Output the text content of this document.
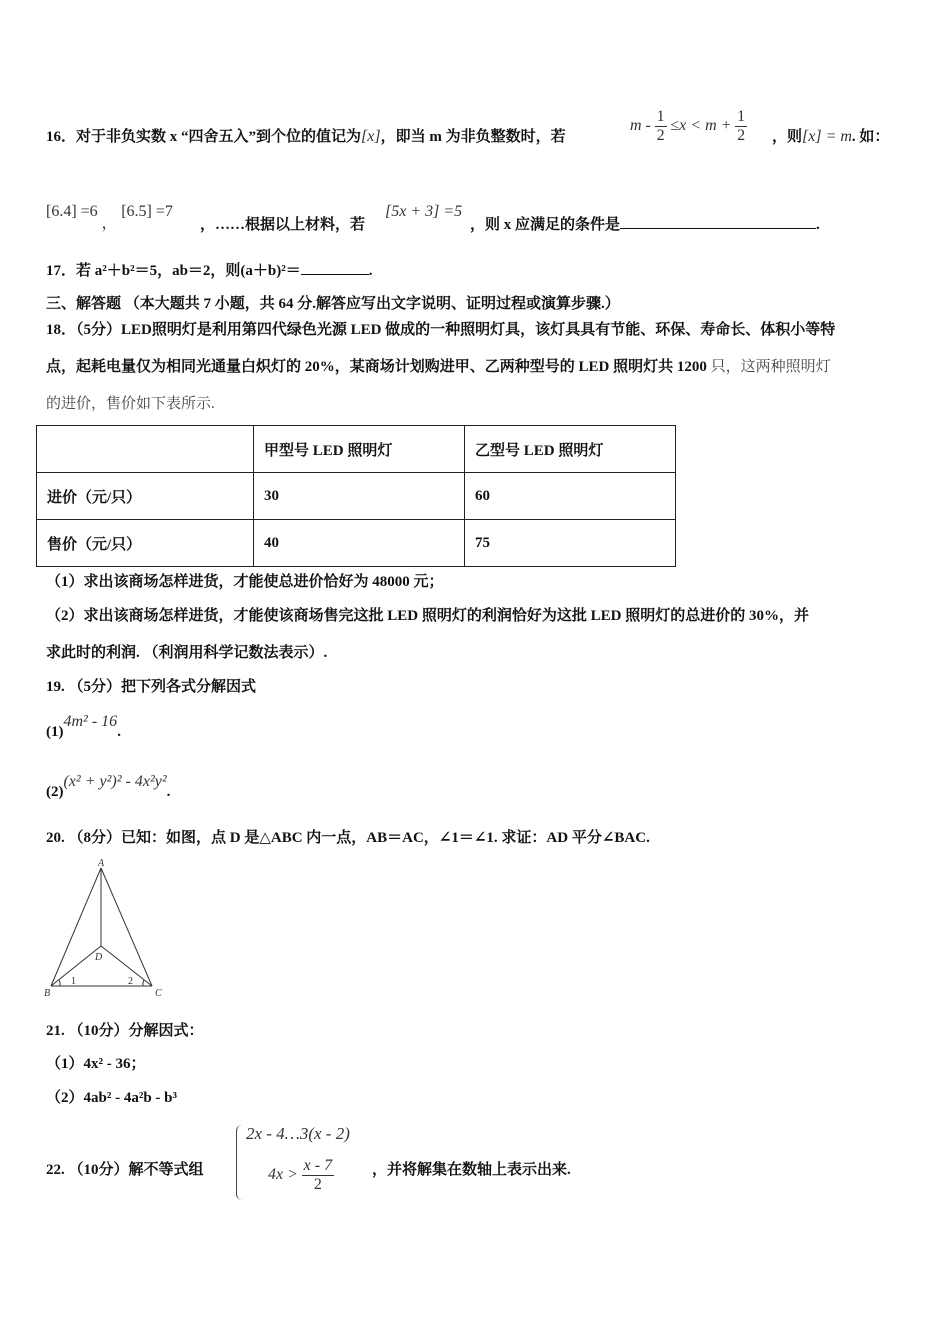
16．对于非负实数 x “四舍五入”到个位的值记为[x]，即当 m 为非负整数时，若
$m - \frac{1}{2} \le x < m + \frac{1}{2}$ ，则[x] = m. 如：
[6.4] =6 ， [6.5] =7
，……根据以上材料，若
[5x + 3] =5
，则 x 应满足的条件是	.
17．若 a²＋b²＝5，ab＝2，则(a＋b)²＝	.
三、解答题 （本大题共 7 小题，共 64 分.解答应写出文字说明、证明过程或演算步骤.）
18．（5分）LED照明灯是利用第四代绿色光源 LED 做成的一种照明灯具，该灯具具有节能、环保、寿命长、体积小等特
点，起耗电量仅为相同光通量白炽灯的 20%，某商场计划购进甲、乙两种型号的 LED 照明灯共 1200 只，这两种照明灯
的进价，售价如下表所示.
	甲型号 LED 照明灯	乙型号 LED 照明灯
进价（元/只）	30	60
售价（元/只）	40	75
（1）求出该商场怎样进货，才能使总进价恰好为 48000 元；
（2）求出该商场怎样进货，才能使该商场售完这批 LED 照明灯的利润恰好为这批 LED 照明灯的总进价的 30%，并
求此时的利润. （利润用科学记数法表示）.
19. （5分）把下列各式分解因式
(1)4m² - 16.
(2)(x² + y²)² - 4x²y².
20. （8分）已知：如图，点 D 是△ABC 内一点，AB＝AC，∠1＝∠1. 求证：AD 平分∠BAC.
A
B	C
D
1	2
21. （10分）分解因式：
（1）4x² - 36；
（2）4ab² - 4a²b - b³
22. （10分）解不等式组
2x - 4…3(x - 2)
$4x > \frac{x - 7}{2}$	，并将解集在数轴上表示出来.
